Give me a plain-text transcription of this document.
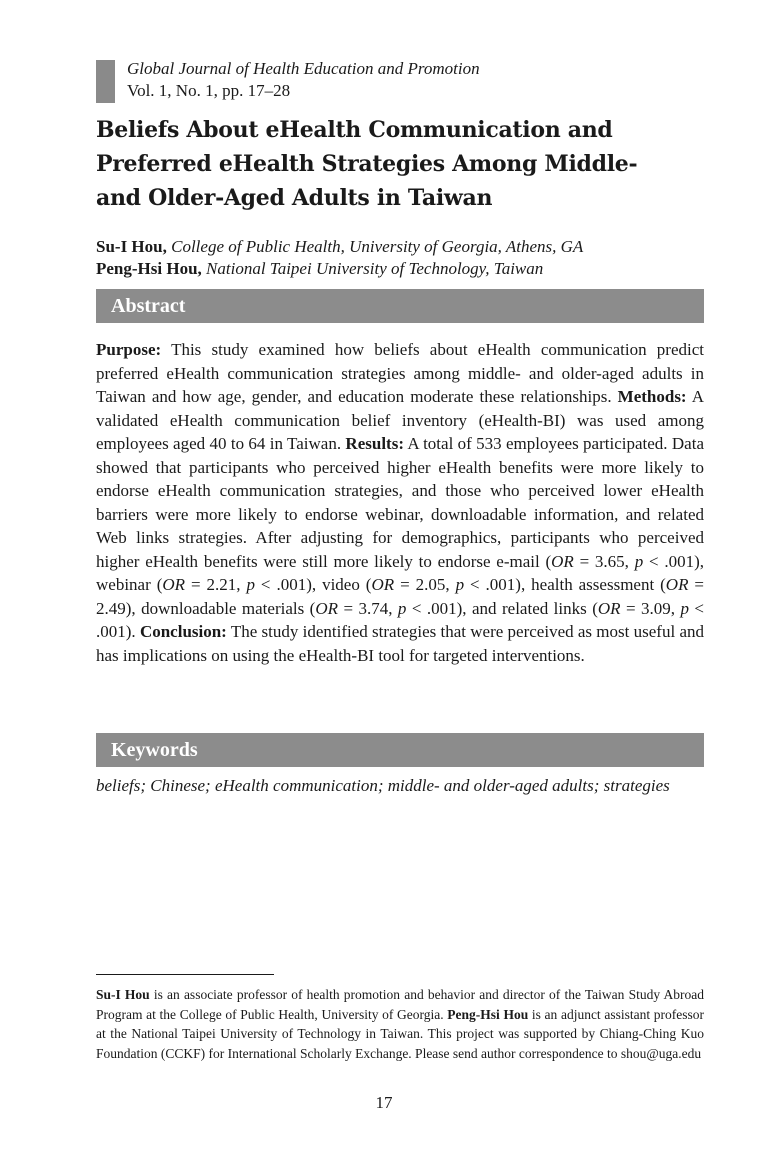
Global Journal of Health Education and Promotion
Vol. 1, No. 1, pp. 17–28
Beliefs About eHealth Communication and
Preferred eHealth Strategies Among Middle-
and Older-Aged Adults in Taiwan
Su-I Hou, College of Public Health, University of Georgia, Athens, GA
Peng-Hsi Hou, National Taipei University of Technology, Taiwan
Abstract
Purpose: This study examined how beliefs about eHealth communication predict preferred eHealth communication strategies among middle- and older-aged adults in Taiwan and how age, gender, and education moderate these relationships. Methods: A validated eHealth communication belief inventory (eHealth-BI) was used among employees aged 40 to 64 in Taiwan. Results: A total of 533 employees participated. Data showed that participants who perceived higher eHealth benefits were more likely to endorse eHealth communication strategies, and those who perceived lower eHealth barriers were more likely to endorse webinar, downloadable information, and related Web links strategies. After adjusting for demographics, participants who perceived higher eHealth benefits were still more likely to endorse e-mail (OR = 3.65, p < .001), webinar (OR = 2.21, p < .001), video (OR = 2.05, p < .001), health assessment (OR = 2.49), downloadable materials (OR = 3.74, p < .001), and related links (OR = 3.09, p < .001). Conclusion: The study identified strategies that were perceived as most useful and has implications on using the eHealth-BI tool for targeted interventions.
Keywords
beliefs; Chinese; eHealth communication; middle- and older-aged adults; strategies
Su-I Hou is an associate professor of health promotion and behavior and director of the Taiwan Study Abroad Program at the College of Public Health, University of Georgia. Peng-Hsi Hou is an adjunct assistant professor at the National Taipei University of Technology in Taiwan. This project was supported by Chiang-Ching Kuo Foundation (CCKF) for International Scholarly Exchange. Please send author correspondence to shou@uga.edu
17
